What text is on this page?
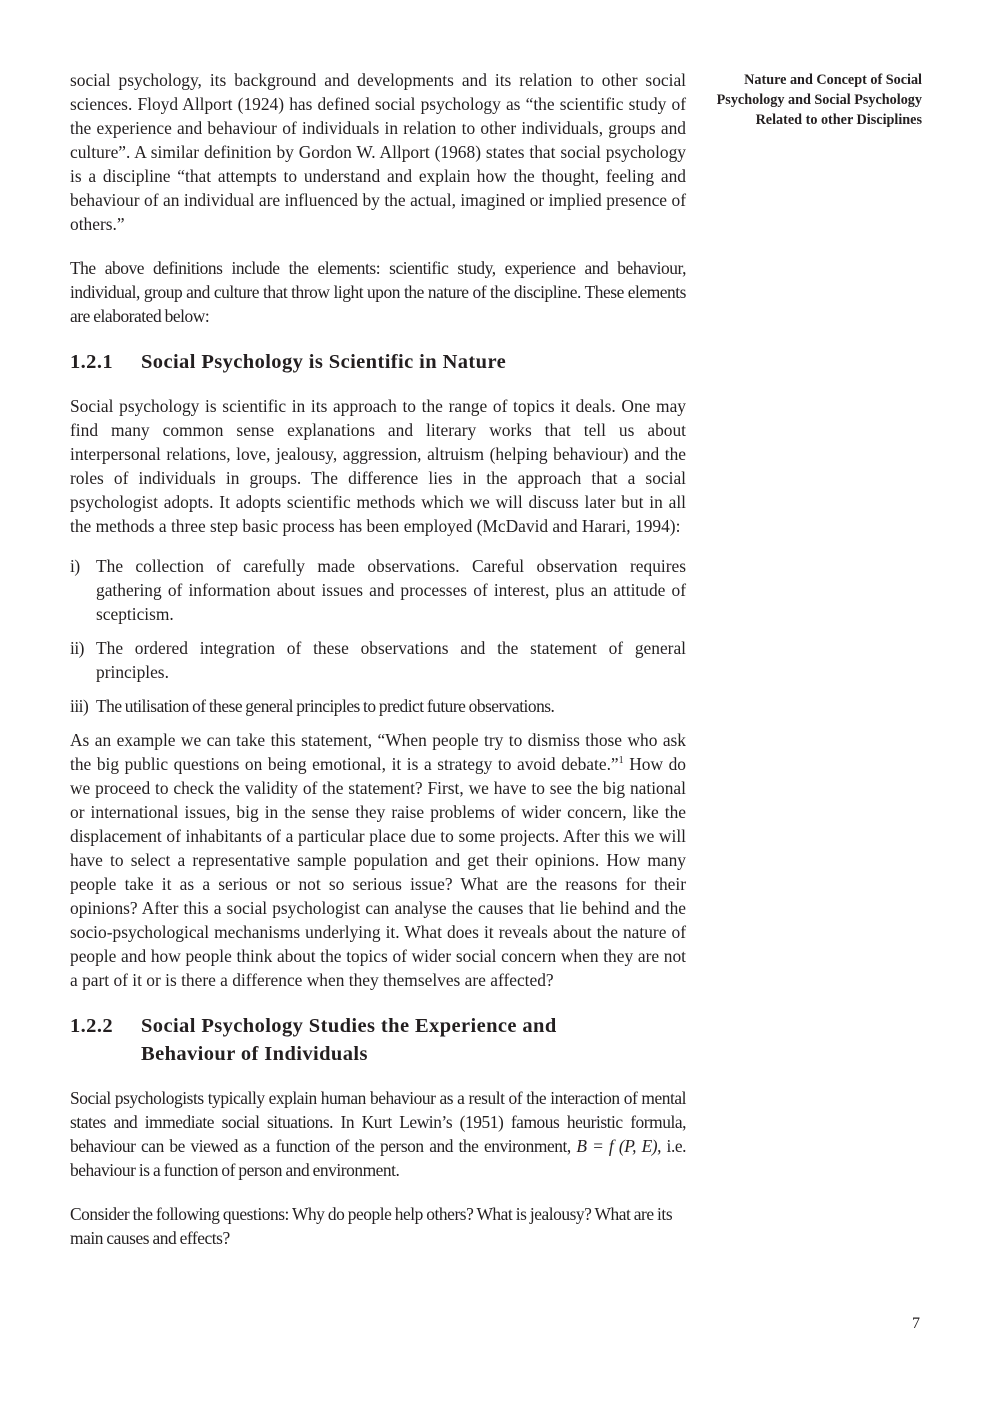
social psychology, its background and developments and its relation to other social sciences. Floyd Allport (1924) has defined social psychology as “the scientific study of the experience and behaviour of individuals in relation to other individuals, groups and culture”. A similar definition by Gordon W. Allport (1968) states that social psychology is a discipline “that attempts to understand and explain how the thought, feeling and behaviour of an individual are influenced by the actual, imagined or implied presence of others.”

The above definitions include the elements: scientific study, experience and behaviour, individual, group and culture that throw light upon the nature of the discipline. These elements are elaborated below:

1.2.1	Social Psychology is Scientific in Nature

Social psychology is scientific in its approach to the range of topics it deals. One may find many common sense explanations and literary works that tell us about interpersonal relations, love, jealousy, aggression, altruism (helping behaviour) and the roles of individuals in groups. The difference lies in the approach that a social psychologist adopts. It adopts scientific methods which we will discuss later but in all the methods a three step basic process has been employed (McDavid and Harari, 1994):

i) The collection of carefully made observations. Careful observation requires gathering of information about issues and processes of interest, plus an attitude of scepticism.
ii) The ordered integration of these observations and the statement of general principles.
iii) The utilisation of these general principles to predict future observations.

As an example we can take this statement, “When people try to dismiss those who ask the big public questions on being emotional, it is a strategy to avoid debate.”$^1$ How do we proceed to check the validity of the statement? First, we have to see the big national or international issues, big in the sense they raise problems of wider concern, like the displacement of inhabitants of a particular place due to some projects. After this we will have to select a representative sample population and get their opinions. How many people take it as a serious or not so serious issue? What are the reasons for their opinions? After this a social psychologist can analyse the causes that lie behind and the socio-psychological mechanisms underlying it. What does it reveals about the nature of people and how people think about the topics of wider social concern when they are not a part of it or is there a difference when they themselves are affected?

1.2.2	Social Psychology Studies the Experience and Behaviour of Individuals

Social psychologists typically explain human behaviour as a result of the interaction of mental states and immediate social situations. In Kurt Lewin’s (1951) famous heuristic formula, behaviour can be viewed as a function of the person and the environment, B = f (P, E), i.e. behaviour is a function of person and environment.

Consider the following questions: Why do people help others? What is jealousy? What are its main causes and effects?

Nature and Concept of Social Psychology and Social Psychology Related to other Disciplines
7
